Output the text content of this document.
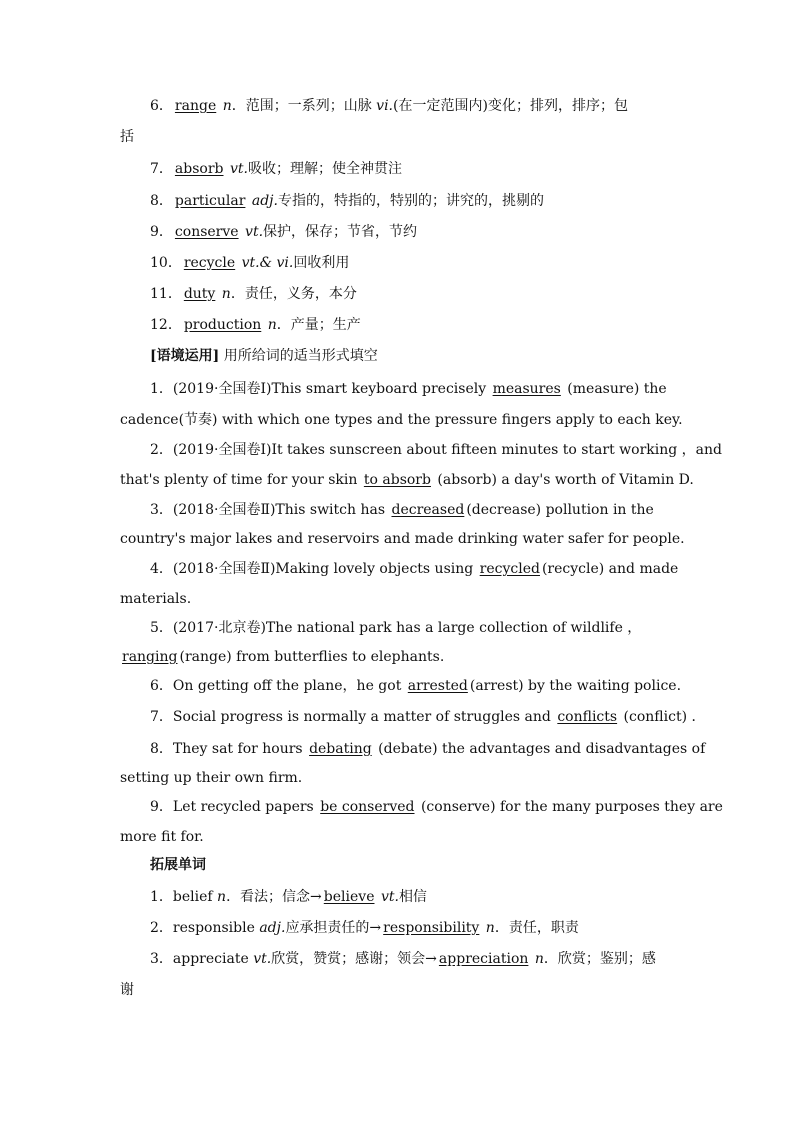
6． range n．范围；一系列；山脉 vi.(在一定范围内)变化；排列，排序；包
括
7． absorb vt.吸收；理解；使全神贯注
8． particular adj.专指的，特指的，特别的；讲究的，挑剔的
9． conserve vt.保护，保存；节省，节约
10． recycle vt.& vi.回收利用
11． duty n．责任，义务，本分
12． production n．产量；生产
[语境运用] 用所给词的适当形式填空
1．(2019·全国卷Ⅰ)This smart keyboard precisely measures (measure) the
cadence(节奏) with which one types and the pressure fingers apply to each key.
2．(2019·全国卷Ⅰ)It takes sunscreen about fifteen minutes to start working ，and
that's plenty of time for your skin to absorb (absorb) a day's worth of Vitamin D.
3．(2018·全国卷Ⅱ)This switch has decreased (decrease) pollution in the
country's major lakes and reservoirs and made drinking water safer for people.
4．(2018·全国卷Ⅱ)Making lovely objects using recycled (recycle) and made
materials.
5．(2017·北京卷)The national park has a large collection of wildlife ，
ranging (range) from butterflies to elephants.
6．On getting off the plane，he got arrested (arrest) by the waiting police.
7．Social progress is normally a matter of struggles and conflicts (conflict) ．
8．They sat for hours debating (debate) the advantages and disadvantages of
setting up their own firm.
9．Let recycled papers be conserved (conserve) for the many purposes they are
more fit for.
拓展单词
1．belief n．看法；信念→ believe vt.相信
2．responsible adj.应承担责任的→ responsibility n．责任，职责
3．appreciate vt.欣赏，赞赏；感谢；领会→ appreciation n．欣赏；鉴别；感
谢
